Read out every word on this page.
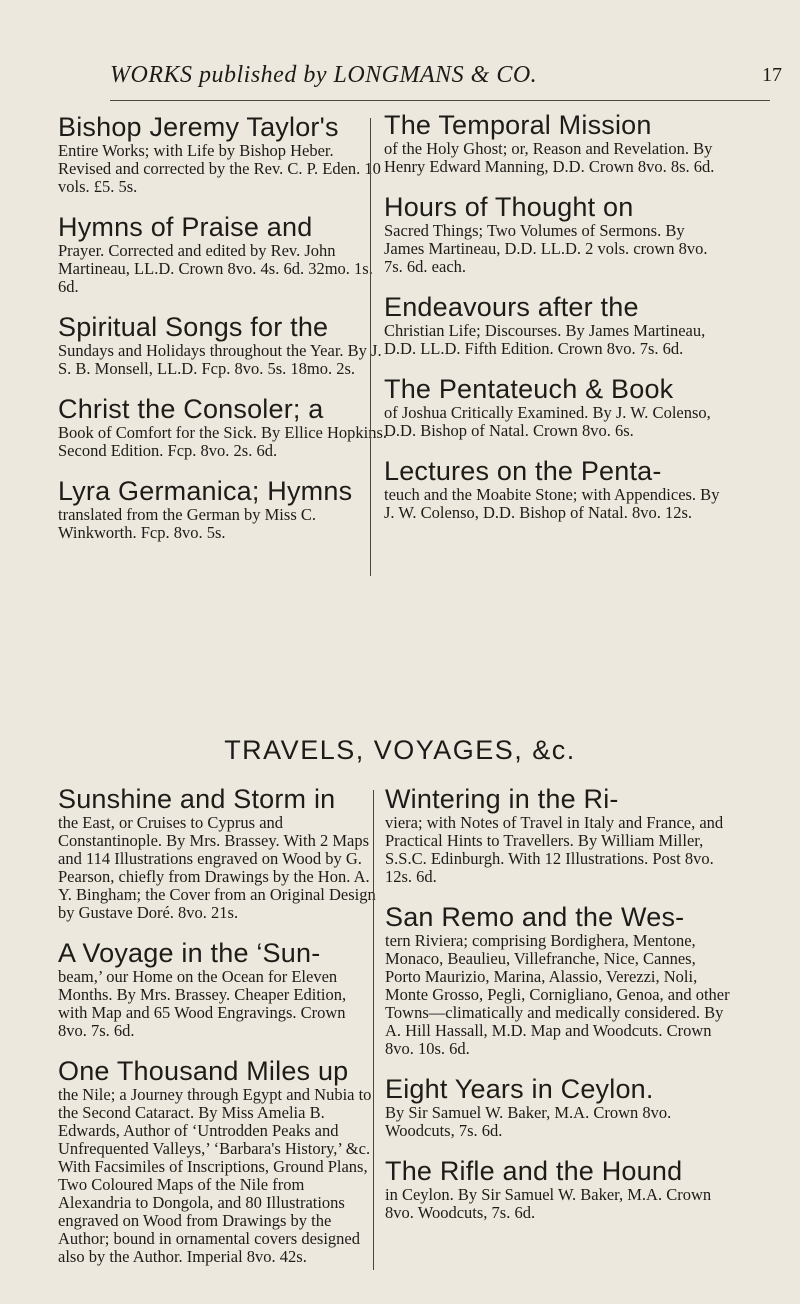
WORKS published by LONGMANS & CO.	17
Bishop Jeremy Taylor's
Entire Works; with Life by Bishop Heber. Revised and corrected by the Rev. C. P. Eden. 10 vols. £5. 5s.
Hymns of Praise and
Prayer. Corrected and edited by Rev. John Martineau, LL.D. Crown 8vo. 4s. 6d. 32mo. 1s. 6d.
Spiritual Songs for the
Sundays and Holidays throughout the Year. By J. S. B. Monsell, LL.D. Fcp. 8vo. 5s. 18mo. 2s.
Christ the Consoler; a
Book of Comfort for the Sick. By Ellice Hopkins. Second Edition. Fcp. 8vo. 2s. 6d.
Lyra Germanica; Hymns
translated from the German by Miss C. Winkworth. Fcp. 8vo. 5s.
The Temporal Mission
of the Holy Ghost; or, Reason and Revelation. By Henry Edward Manning, D.D. Crown 8vo. 8s. 6d.
Hours of Thought on
Sacred Things; Two Volumes of Sermons. By James Martineau, D.D. LL.D. 2 vols. crown 8vo. 7s. 6d. each.
Endeavours after the
Christian Life; Discourses. By James Martineau, D.D. LL.D. Fifth Edition. Crown 8vo. 7s. 6d.
The Pentateuch & Book
of Joshua Critically Examined. By J. W. Colenso, D.D. Bishop of Natal. Crown 8vo. 6s.
Lectures on the Penta-
teuch and the Moabite Stone; with Appendices. By J. W. Colenso, D.D. Bishop of Natal. 8vo. 12s.
TRAVELS, VOYAGES, &c.
Sunshine and Storm in
the East, or Cruises to Cyprus and Constantinople. By Mrs. Brassey. With 2 Maps and 114 Illustrations engraved on Wood by G. Pearson, chiefly from Drawings by the Hon. A. Y. Bingham; the Cover from an Original Design by Gustave Doré. 8vo. 21s.
A Voyage in the ‘Sun-
beam,’ our Home on the Ocean for Eleven Months. By Mrs. Brassey. Cheaper Edition, with Map and 65 Wood Engravings. Crown 8vo. 7s. 6d.
One Thousand Miles up
the Nile; a Journey through Egypt and Nubia to the Second Cataract. By Miss Amelia B. Edwards, Author of ‘Untrodden Peaks and Unfrequented Valleys,’ ‘Barbara's History,’ &c. With Facsimiles of Inscriptions, Ground Plans, Two Coloured Maps of the Nile from Alexandria to Dongola, and 80 Illustrations engraved on Wood from Drawings by the Author; bound in ornamental covers designed also by the Author. Imperial 8vo. 42s.
Wintering in the Ri-
viera; with Notes of Travel in Italy and France, and Practical Hints to Travellers. By William Miller, S.S.C. Edinburgh. With 12 Illustrations. Post 8vo. 12s. 6d.
San Remo and the Wes-
tern Riviera; comprising Bordighera, Mentone, Monaco, Beaulieu, Villefranche, Nice, Cannes, Porto Maurizio, Marina, Alassio, Verezzi, Noli, Monte Grosso, Pegli, Cornigliano, Genoa, and other Towns—climatically and medically considered. By A. Hill Hassall, M.D. Map and Woodcuts. Crown 8vo. 10s. 6d.
Eight Years in Ceylon.
By Sir Samuel W. Baker, M.A. Crown 8vo. Woodcuts, 7s. 6d.
The Rifle and the Hound
in Ceylon. By Sir Samuel W. Baker, M.A. Crown 8vo. Woodcuts, 7s. 6d.
